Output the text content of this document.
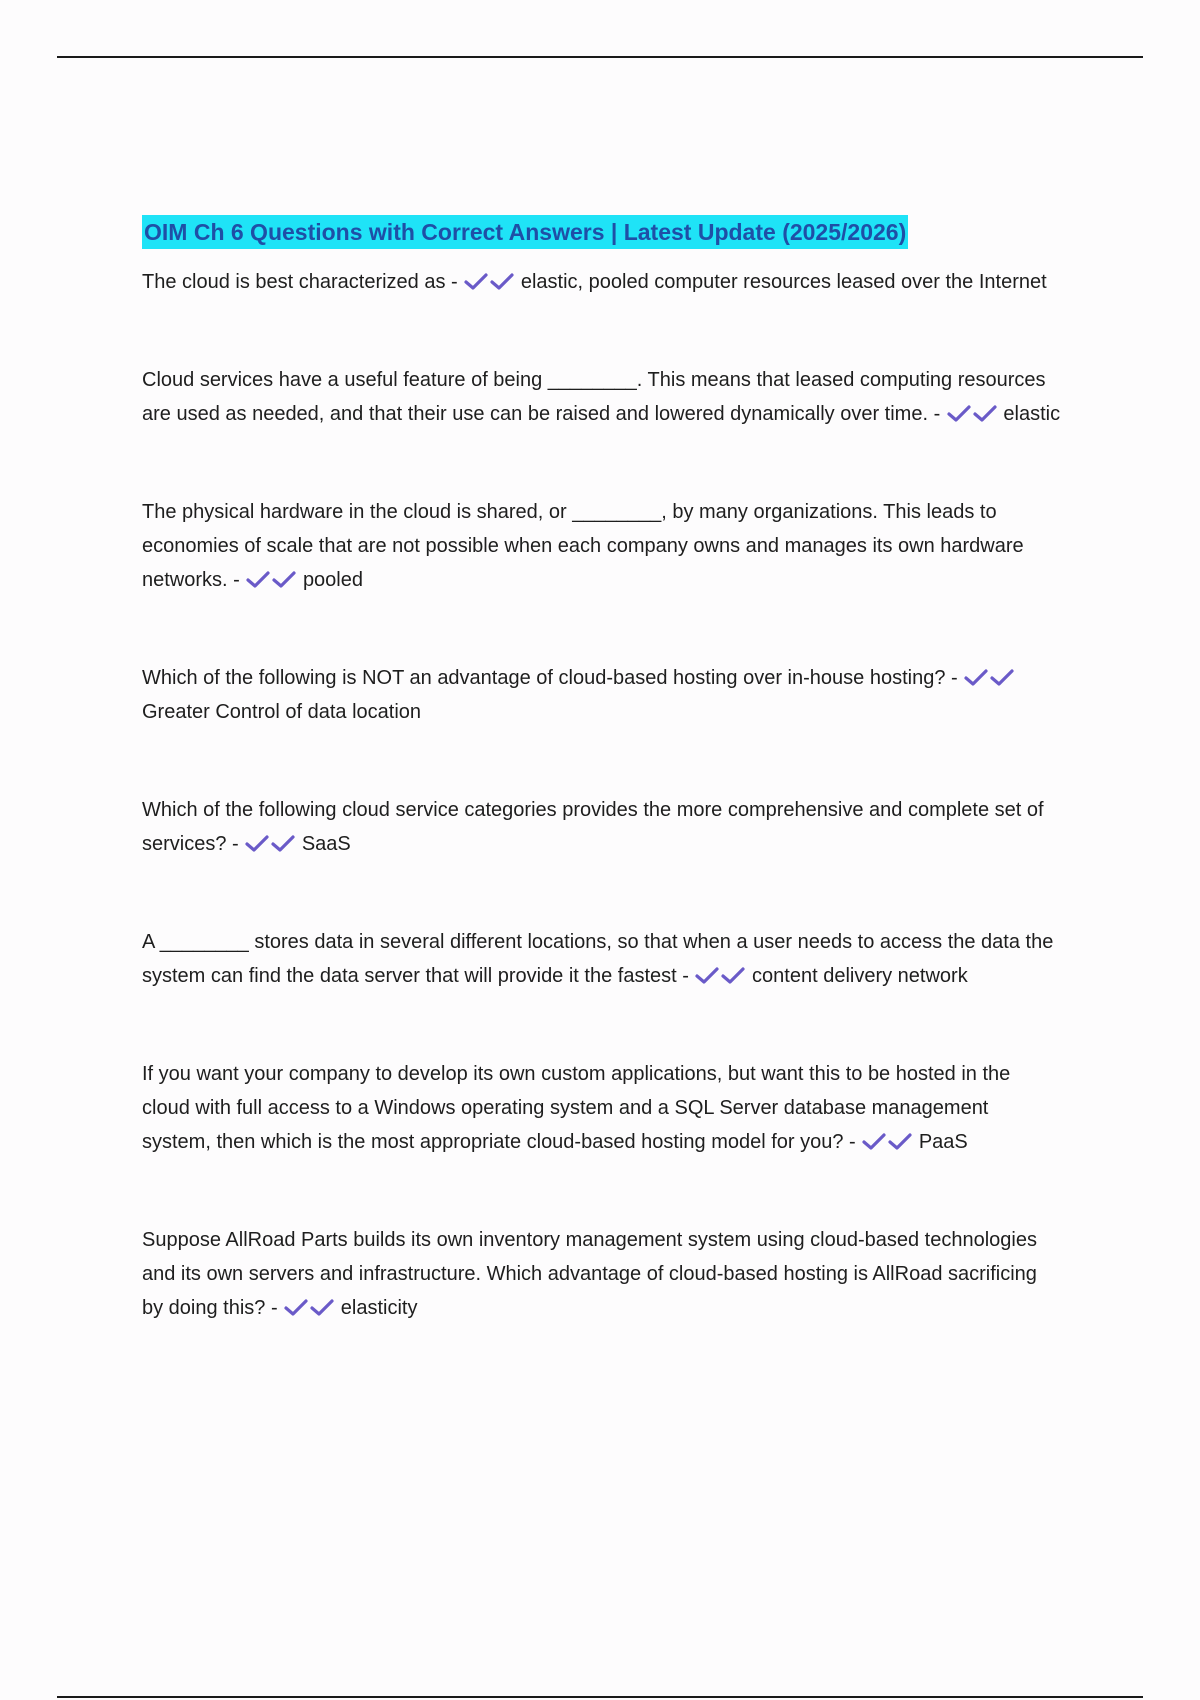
OIM Ch 6 Questions with Correct Answers | Latest Update (2025/2026)
The cloud is best characterized as -	elastic, pooled computer resources leased over the Internet
Cloud services have a useful feature of being ________. This means that leased computing resources are used as needed, and that their use can be raised and lowered dynamically over time. -	elastic
The physical hardware in the cloud is shared, or ________, by many organizations. This leads to economies of scale that are not possible when each company owns and manages its own hardware networks. -	pooled
Which of the following is NOT an advantage of cloud-based hosting over in-house hosting? -
Greater Control of data location
Which of the following cloud service categories provides the more comprehensive and complete set of services? -	SaaS
A ________ stores data in several different locations, so that when a user needs to access the data the system can find the data server that will provide it the fastest -	content delivery network
If you want your company to develop its own custom applications, but want this to be hosted in the cloud with full access to a Windows operating system and a SQL Server database management system, then which is the most appropriate cloud-based hosting model for you? -	PaaS
Suppose AllRoad Parts builds its own inventory management system using cloud-based technologies and its own servers and infrastructure. Which advantage of cloud-based hosting is AllRoad sacrificing by doing this? -	elasticity
